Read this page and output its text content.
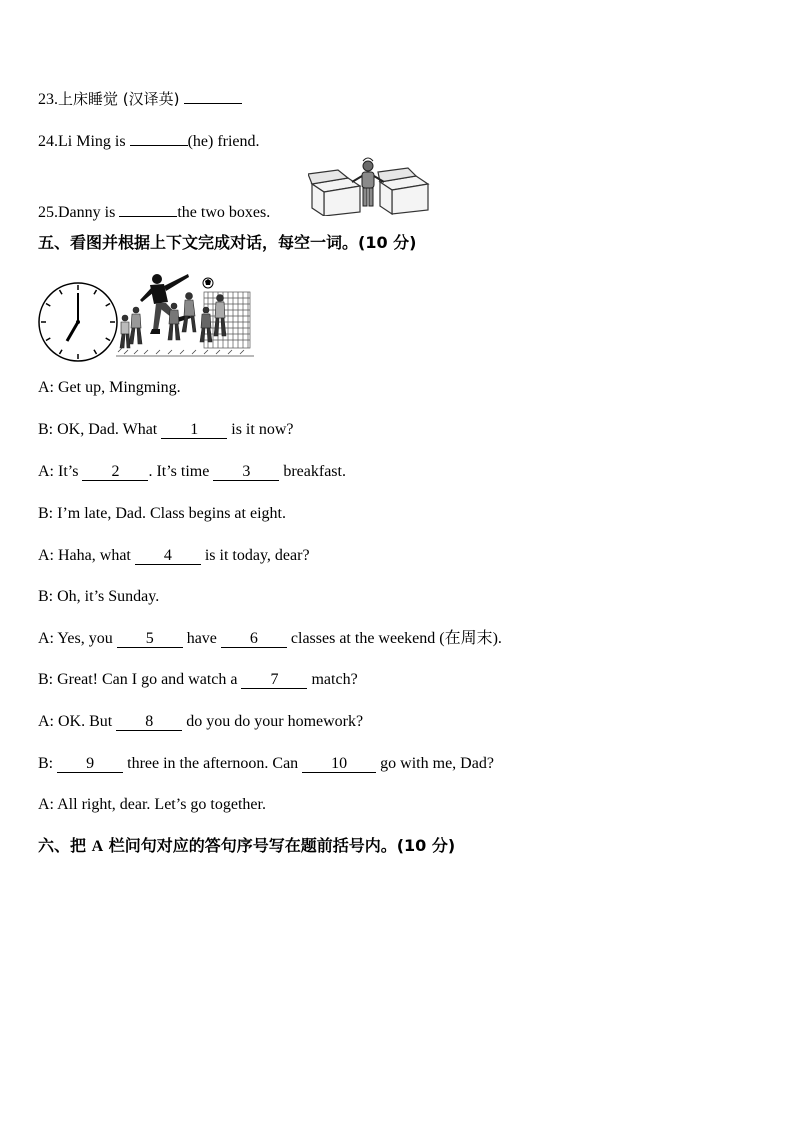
23.上床睡觉 (汉译英)
24.Li Ming is	(he) friend.
25.Danny is	the two boxes.
五、看图并根据上下文完成对话，每空一词。(10 分)
A: Get up, Mingming.
B: OK, Dad. What 1 is it now?
A: It’s 2 . It’s time 3 breakfast.
B: I’m late, Dad. Class begins at eight.
A: Haha, what 4 is it today, dear?
B: Oh, it’s Sunday.
A: Yes, you 5 have 6 classes at the weekend (在周末).
B: Great! Can I go and watch a 7 match?
A: OK. But 8 do you do your homework?
B: 9 three in the afternoon. Can 10 go with me, Dad?
A: All right, dear. Let’s go together.
六、把 A 栏问句对应的答句序号写在题前括号内。(10 分)
